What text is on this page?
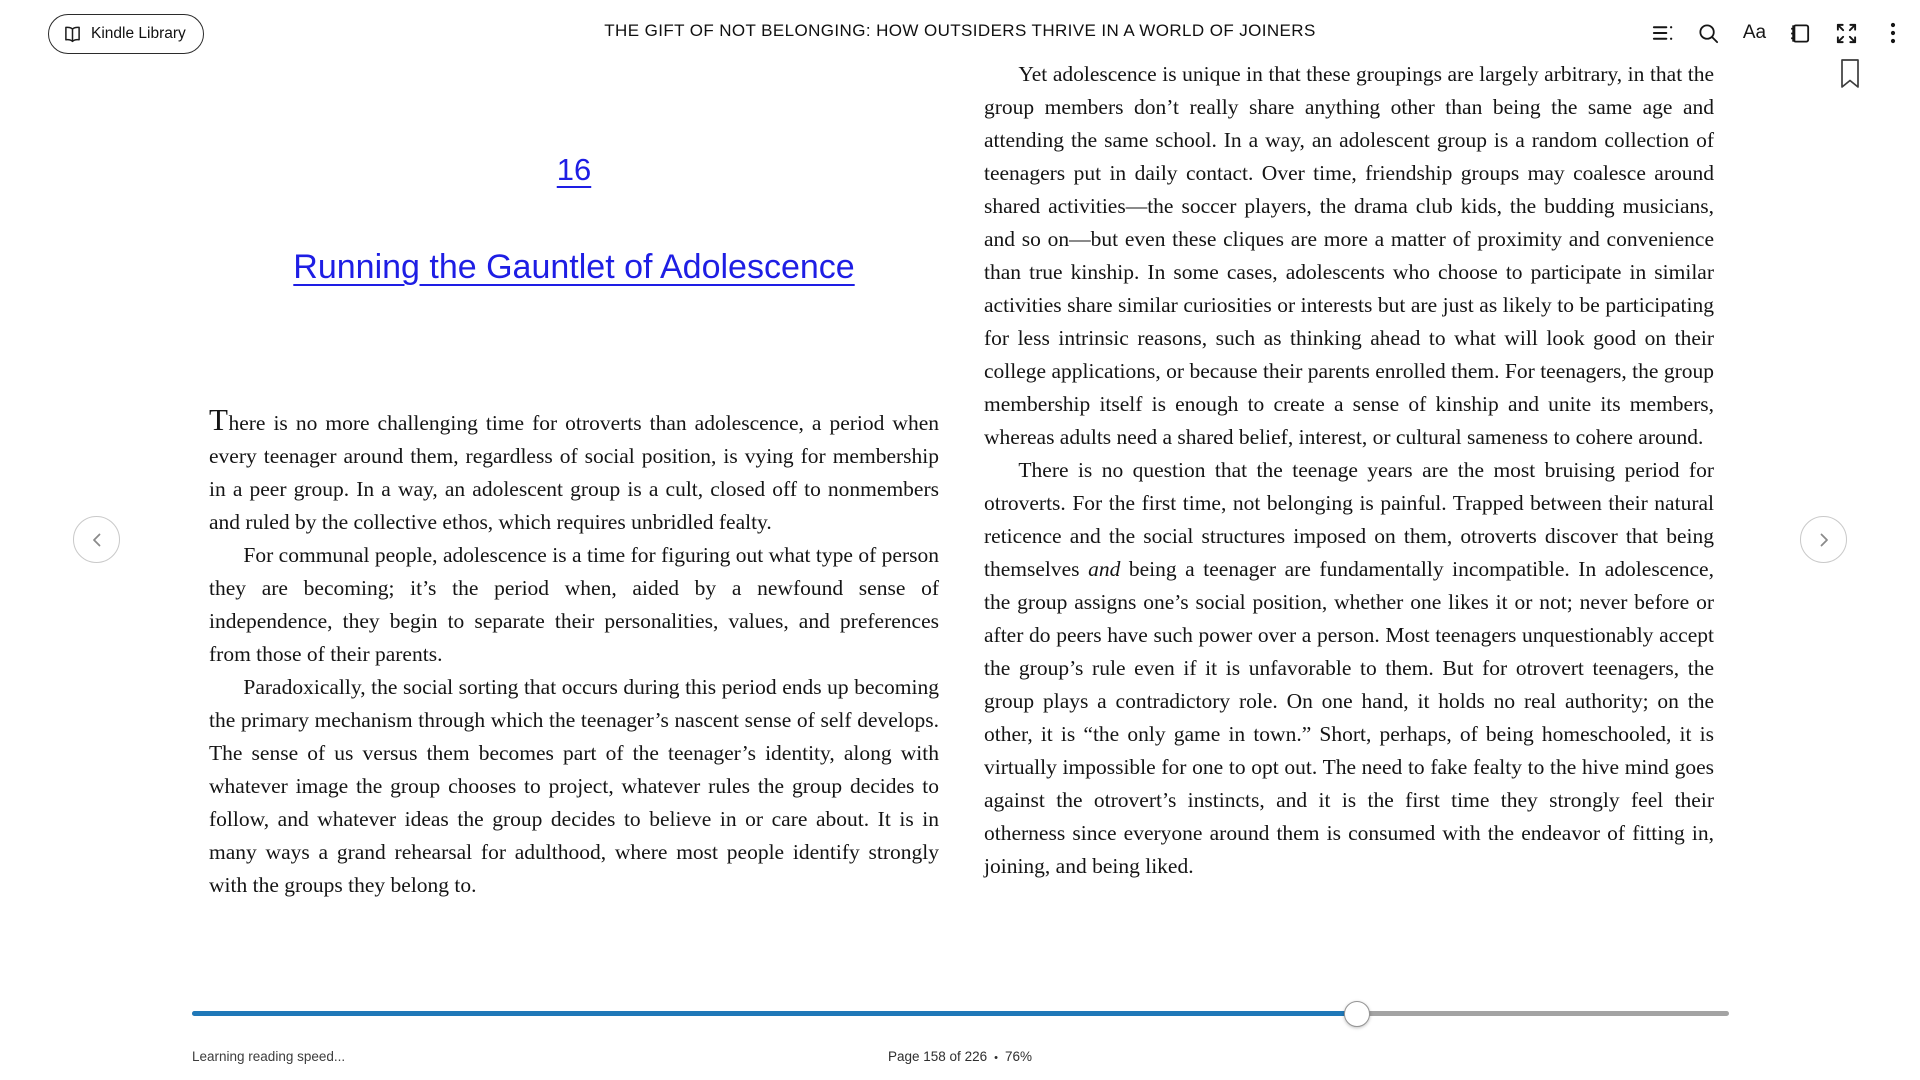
Kindle Library	THE GIFT OF NOT BELONGING: HOW OUTSIDERS THRIVE IN A WORLD OF JOINERS	Aa
16
Running the Gauntlet of Adolescence

There is no more challenging time for otroverts than adolescence, a period when every teenager around them, regardless of social position, is vying for membership in a peer group. In a way, an adolescent group is a cult, closed off to nonmembers and ruled by the collective ethos, which requires unbridled fealty.

For communal people, adolescence is a time for figuring out what type of person they are becoming; it’s the period when, aided by a newfound sense of independence, they begin to separate their personalities, values, and preferences from those of their parents.

Paradoxically, the social sorting that occurs during this period ends up becoming the primary mechanism through which the teenager’s nascent sense of self develops. The sense of us versus them becomes part of the teenager’s identity, along with whatever image the group chooses to project, whatever rules the group decides to follow, and whatever ideas the group decides to believe in or care about. It is in many ways a grand rehearsal for adulthood, where most people identify strongly with the groups they belong to.

Yet adolescence is unique in that these groupings are largely arbitrary, in that the group members don’t really share anything other than being the same age and attending the same school. In a way, an adolescent group is a random collection of teenagers put in daily contact. Over time, friendship groups may coalesce around shared activities—the soccer players, the drama club kids, the budding musicians, and so on—but even these cliques are more a matter of proximity and convenience than true kinship. In some cases, adolescents who choose to participate in similar activities share similar curiosities or interests but are just as likely to be participating for less intrinsic reasons, such as thinking ahead to what will look good on their college applications, or because their parents enrolled them. For teenagers, the group membership itself is enough to create a sense of kinship and unite its members, whereas adults need a shared belief, interest, or cultural sameness to cohere around.

There is no question that the teenage years are the most bruising period for otroverts. For the first time, not belonging is painful. Trapped between their natural reticence and the social structures imposed on them, otroverts discover that being themselves and being a teenager are fundamentally incompatible. In adolescence, the group assigns one’s social position, whether one likes it or not; never before or after do peers have such power over a person. Most teenagers unquestionably accept the group’s rule even if it is unfavorable to them. But for otrovert teenagers, the group plays a contradictory role. On one hand, it holds no real authority; on the other, it is “the only game in town.” Short, perhaps, of being homeschooled, it is virtually impossible for one to opt out. The need to fake fealty to the hive mind goes against the otrovert’s instincts, and it is the first time they strongly feel their otherness since everyone around them is consumed with the endeavor of fitting in, joining, and being liked.

Learning reading speed...	Page 158 of 226 • 76%
